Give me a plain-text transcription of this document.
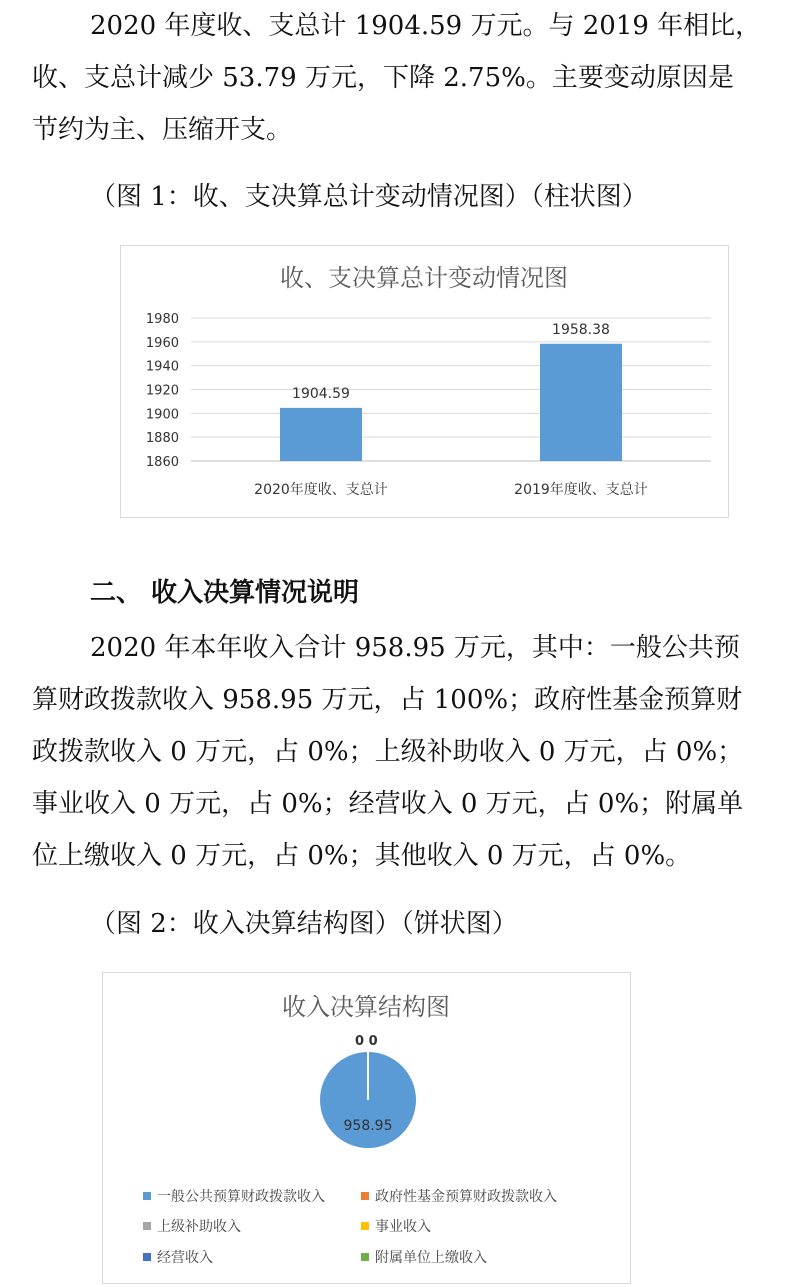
2020 年度收、支总计 1904.59 万元。与 2019 年相比，
收、支总计减少 53.79 万元，下降 2.75%。主要变动原因是
节约为主、压缩开支。

（图 1：收、支决算总计变动情况图）（柱状图）

收、支决算总计变动情况图
1860
1880
1900
1920
1940
1960
1980
1904.59
2020年度收、支总计
1958.38
2019年度收、支总计

二、 收入决算情况说明

2020 年本年收入合计 958.95 万元，其中：一般公共预
算财政拨款收入 958.95 万元，占 100%；政府性基金预算财
政拨款收入 0 万元，占 0%；上级补助收入 0 万元，占 0%；
事业收入 0 万元，占 0%；经营收入 0 万元，占 0%；附属单
位上缴收入 0 万元，占 0%；其他收入 0 万元，占 0%。

（图 2：收入决算结构图）（饼状图）

收入决算结构图
0 0
958.95
一般公共预算财政拨款收入	政府性基金预算财政拨款收入
上级补助收入	事业收入
经营收入	附属单位上缴收入
